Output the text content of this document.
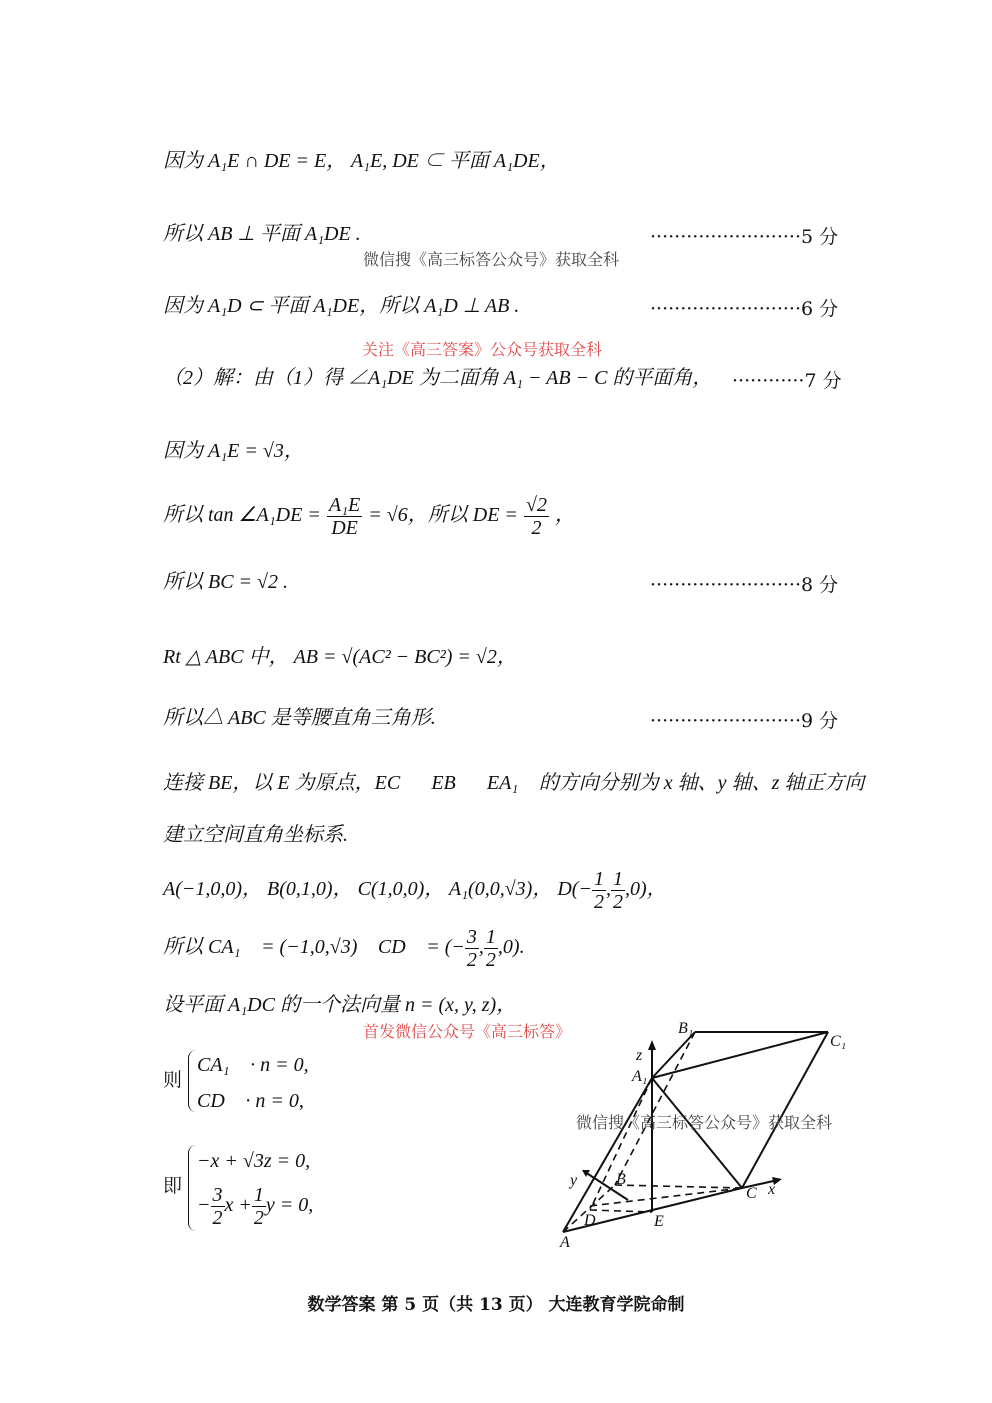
因为 A₁E ∩ DE = E， A₁E, DE ⊂ 平面 A₁DE，
所以 AB ⊥ 平面 A₁DE .
微信搜《高三标答公众号》获取全科
·························5 分
因为 A₁D ⊂ 平面 A₁DE，所以 A₁D ⊥ AB .	·························6 分
关注《高三答案》公众号获取全科
（2）解：由（1）得 ∠A₁DE 为二面角 A₁ − AB − C 的平面角， ············7 分
因为 A₁E = √3，
所以 tan ∠A₁DE = $\frac{\text{A₁E}}{DE} = √6$，所以 DE = $\frac{√2}{2}$ ，
所以 BC = √2 .	·························8 分
Rt △ ABC 中， AB = √(AC² − BC²) = √2，
所以△ ABC 是等腰直角三角形.	·························9 分
连接 BE，以 E 为原点，EC⃗，EB⃗，EA₁⃗ 的方向分别为 x 轴、y 轴、z 轴正方向
建立空间直角坐标系.
A(−1,0,0)， B(0,1,0)， C(1,0,0)， A₁(0,0,√3)， $D(- \frac{1}{2}$ , $\frac{1}{2} ,0$)，
所以 CA₁⃗ = (−1,0,√3)， CD⃗ = (− $\frac{3}{2}$ , $\frac{1}{2} ,0$).
设平面 A₁DC 的一个法向量 n = (x, y, z)，
首发微信公众号《高三标答》
则
CA₁⃗ · n = 0,
CD⃗ · n = 0,
即
−x + √3z = 0,
− $\frac{3}{2}$ $x + \frac{1}{2}$ y = 0,
B₁
C₁
A₁
z
y B
C x
D	E
A
微信搜《高三标答公众号》获取全科
数学答案 第 5 页（共 13 页） 大连教育学院命制
